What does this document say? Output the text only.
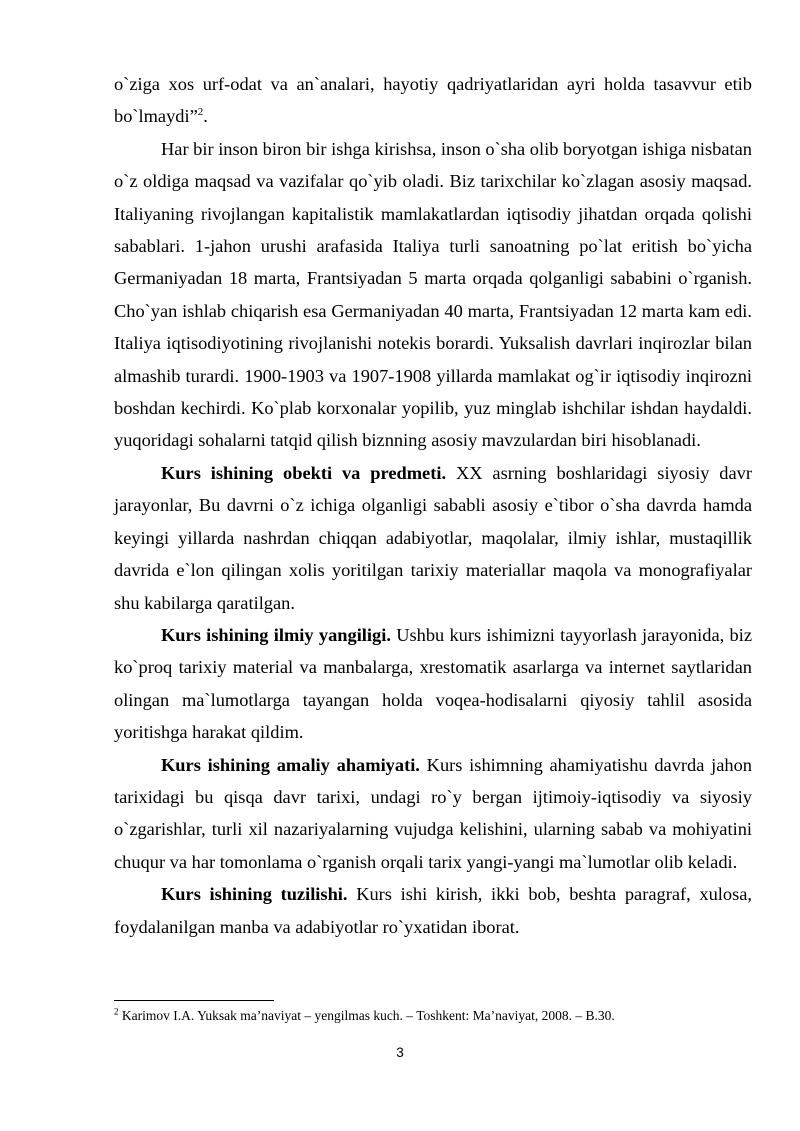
o`ziga xos urf-odat va an`analari, hayotiy qadriyatlaridan ayri holda tasavvur etib bo`lmaydi”$^2$.

Har bir inson biron bir ishga kirishsa, inson o`sha olib boryotgan ishiga nisbatan o`z oldiga maqsad va vazifalar qo`yib oladi. Biz tarixchilar ko`zlagan asosiy maqsad. Italiyaning rivojlangan kapitalistik mamlakatlardan iqtisodiy jihatdan orqada qolishi sabablari. 1-jahon urushi arafasida Italiya turli sanoatning po`lat eritish bo`yicha Germaniyadan 18 marta, Frantsiyadan 5 marta orqada qolganligi sababini o`rganish. Cho`yan ishlab chiqarish esa Germaniyadan 40 marta, Frantsiyadan 12 marta kam edi. Italiya iqtisodiyotining rivojlanishi notekis borardi. Yuksalish davrlari inqirozlar bilan almashib turardi. 1900-1903 va 1907-1908 yillarda mamlakat og`ir iqtisodiy inqirozni boshdan kechirdi. Ko`plab korxonalar yopilib, yuz minglab ishchilar ishdan haydaldi. yuqoridagi sohalarni tatqid qilish biznning asosiy mavzulardan biri hisoblanadi.

Kurs ishining obekti va predmeti. XX asrning boshlaridagi siyosiy davr jarayonlar, Bu davrni o`z ichiga olganligi sababli asosiy e`tibor o`sha davrda hamda keyingi yillarda nashrdan chiqqan adabiyotlar, maqolalar, ilmiy ishlar, mustaqillik davrida e`lon qilingan xolis yoritilgan tarixiy materiallar maqola va monografiyalar shu kabilarga qaratilgan.

Kurs ishining ilmiy yangiligi. Ushbu kurs ishimizni tayyorlash jarayonida, biz ko`proq tarixiy material va manbalarga, xrestomatik asarlarga va internet saytlaridan olingan ma`lumotlarga tayangan holda voqea-hodisalarni qiyosiy tahlil asosida yoritishga harakat qildim.

Kurs ishining amaliy ahamiyati. Kurs ishimning ahamiyatishu davrda jahon tarixidagi bu qisqa davr tarixi, undagi ro`y bergan ijtimoiy-iqtisodiy va siyosiy o`zgarishlar, turli xil nazariyalarning vujudga kelishini, ularning sabab va mohiyatini chuqur va har tomonlama o`rganish orqali tarix yangi-yangi ma`lumotlar olib keladi.

Kurs ishining tuzilishi. Kurs ishi kirish, ikki bob, beshta paragraf, xulosa, foydalanilgan manba va adabiyotlar ro`yxatidan iborat.

$^2$ Karimov I.A. Yuksak ma’naviyat – yengilmas kuch. – Toshkent: Ma’naviyat, 2008. – B.30.
3
